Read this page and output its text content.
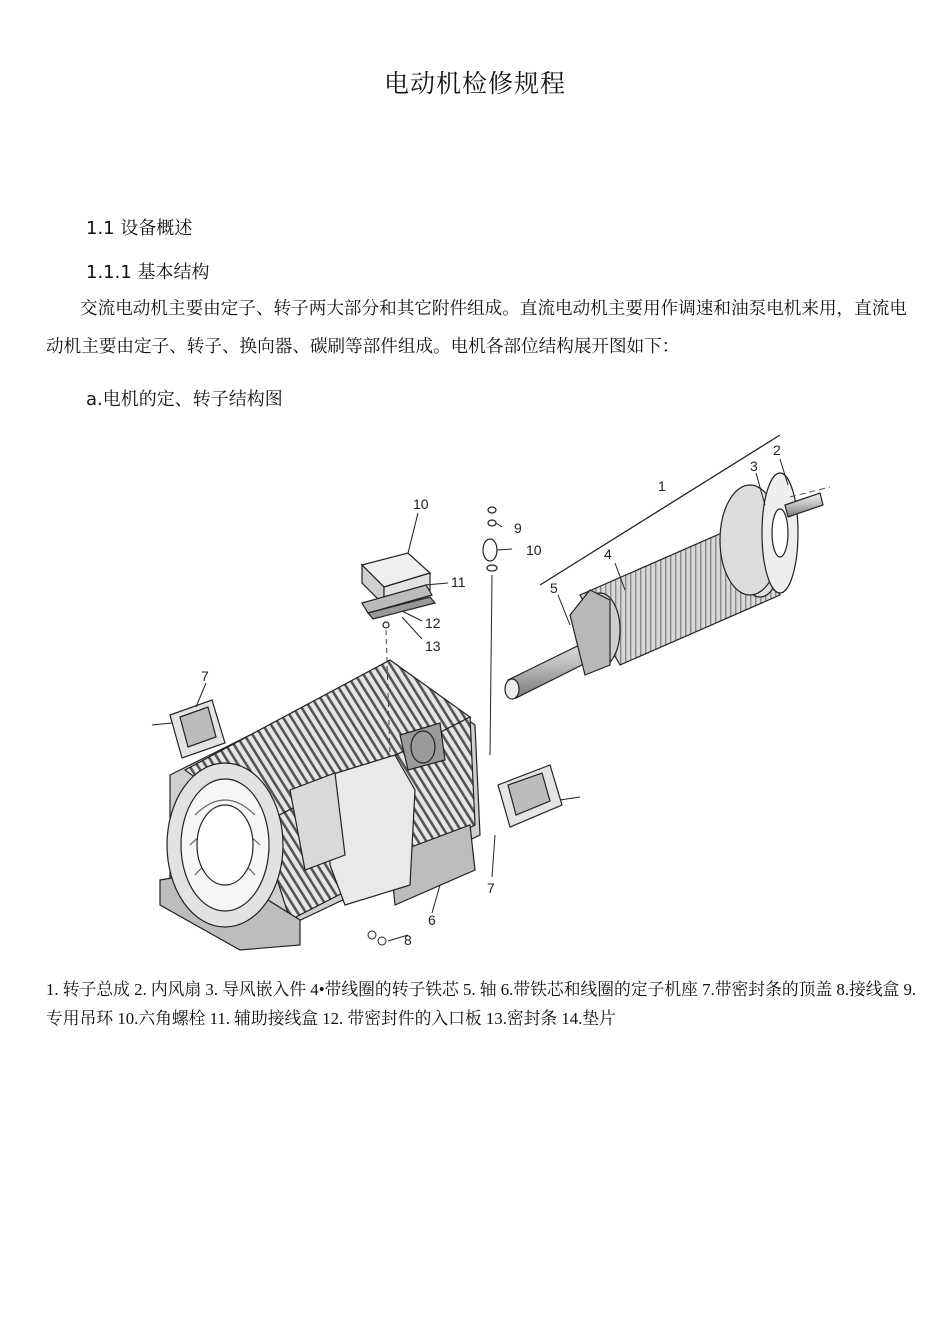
电动机检修规程
1.1 设备概述
1.1.1 基本结构

交流电动机主要由定子、转子两大部分和其它附件组成。直流电动机主要用作调速和油泵电机来用，直流电动机主要由定子、转子、换向器、碳刷等部件组成。电机各部位结构展开图如下：

a.电机的定、转子结构图
10
11
12
13
9
10
1
2
3
4
5
6
7
7
8

1. 转子总成 2. 内风扇 3. 导风嵌入件 4•带线圈的转子铁芯 5. 轴 6.带铁芯和线圈的定子机座 7.带密封条的顶盖 8.接线盒 9.专用吊环 10.六角螺栓 11. 辅助接线盒 12. 带密封件的入口板 13.密封条 14.垫片
